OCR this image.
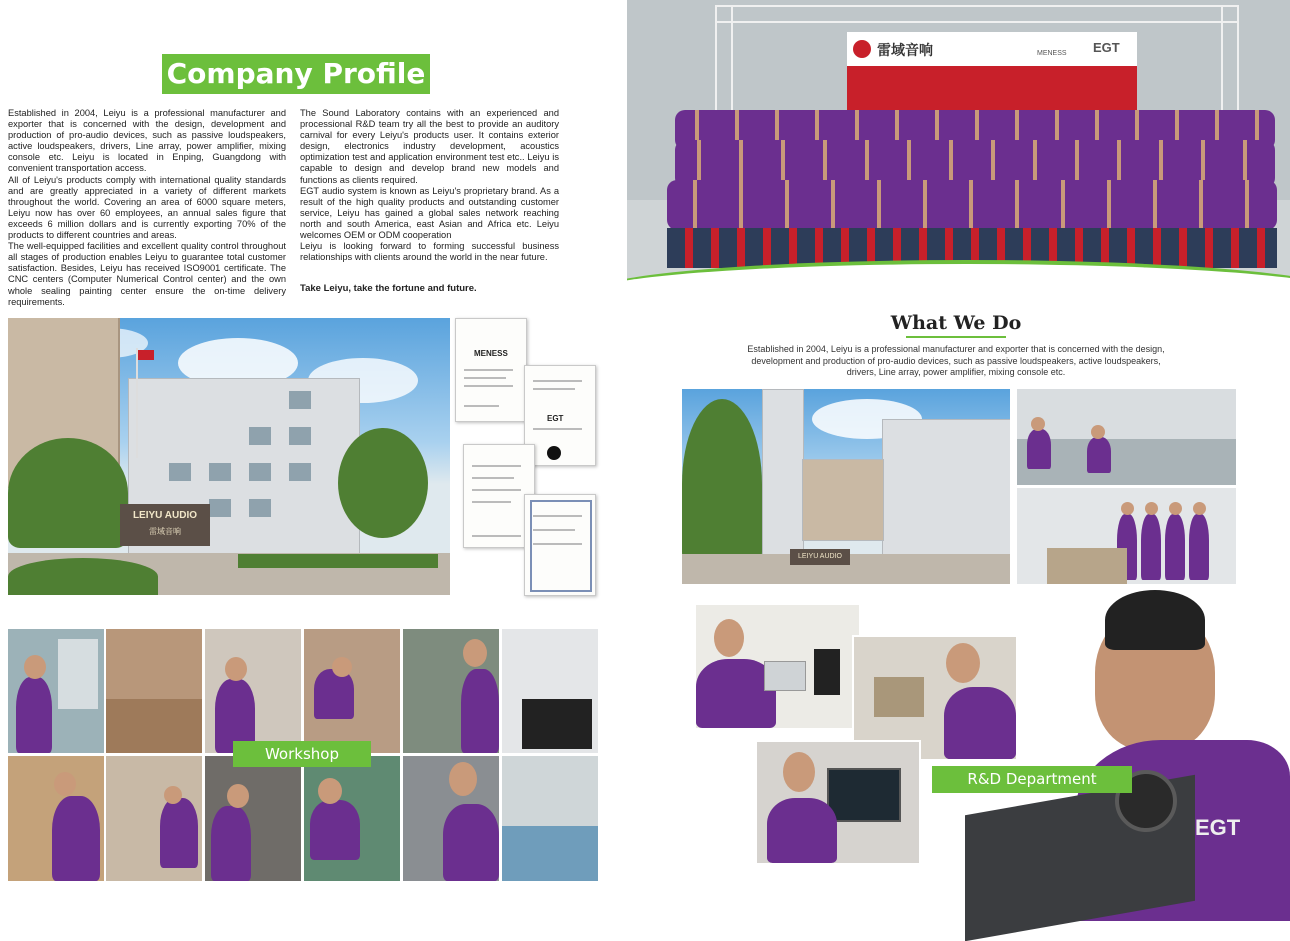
Company Profile

Established in 2004, Leiyu is a professional manufacturer and exporter that is concerned with the design, development and production of pro-audio devices, such as passive loudspeakers, active loudspeakers, drivers, Line array, power amplifier, mixing console etc. Leiyu is located in Enping, Guangdong with convenient transportation access.

All of Leiyu's products comply with international quality standards and are greatly appreciated in a variety of different markets throughout the world. Covering an area of 6000 square meters, Leiyu now has over 60 employees, an annual sales figure that exceeds 6 million dollars and is currently exporting 70% of the products to different countries and areas.

The well-equipped facilities and excellent quality control throughout all stages of production enables Leiyu to guarantee total customer satisfaction. Besides, Leiyu has received ISO9001 certificate. The CNC centers (Computer Numerical Control center) and the own whole sealing painting center ensure the on-time delivery requirements.

The Sound Laboratory contains with an experienced and processional R&D team try all the best to provide an auditory carnival for every Leiyu's products user. It contains exterior design, electronics industry development, acoustics optimization test and application environment test etc.. Leiyu is capable to design and develop brand new models and functions as clients required.

EGT audio system is known as Leiyu's proprietary brand. As a result of the high quality products and outstanding customer service, Leiyu has gained a global sales network reaching north and south America, east Asian and Africa etc. Leiyu welcomes OEM or ODM cooperation

Leiyu is looking forward to forming successful business relationships with clients around the world in the near future.

Take Leiyu, take the fortune and future.
LEIYU AUDIO
雷域音响
MENESS
EGT
Workshop
雷域音响	MENESS EGT
What We Do
Established in 2004, Leiyu is a professional manufacturer and exporter that is concerned with the design, development and production of pro-audio devices, such as passive loudspeakers, active loudspeakers, drivers, Line array, power amplifier, mixing console etc.
LEIYU AUDIO
EGT
R&D Department
